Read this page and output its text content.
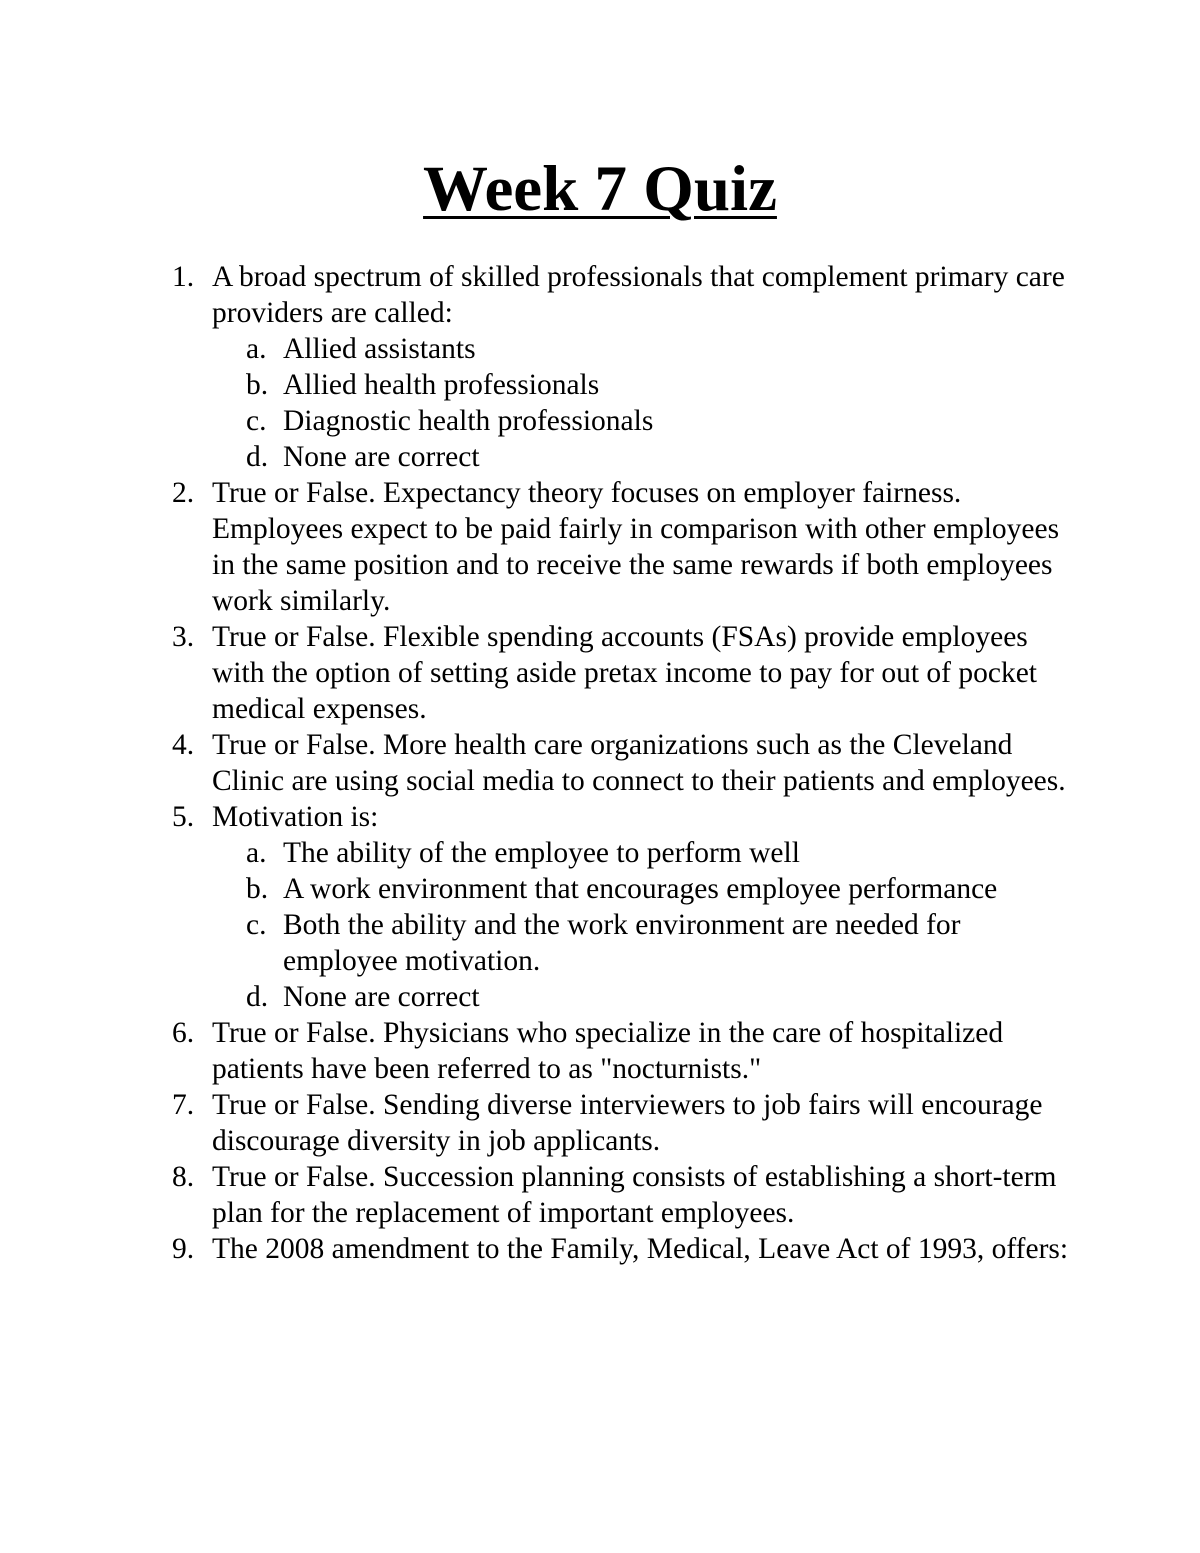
Week 7 Quiz
1. A broad spectrum of skilled professionals that complement primary care providers are called:
a. Allied assistants
b. Allied health professionals
c. Diagnostic health professionals
d. None are correct
2. True or False. Expectancy theory focuses on employer fairness. Employees expect to be paid fairly in comparison with other employees in the same position and to receive the same rewards if both employees work similarly.
3. True or False. Flexible spending accounts (FSAs) provide employees with the option of setting aside pretax income to pay for out of pocket medical expenses.
4. True or False. More health care organizations such as the Cleveland Clinic are using social media to connect to their patients and employees.
5. Motivation is:
a. The ability of the employee to perform well
b. A work environment that encourages employee performance
c. Both the ability and the work environment are needed for employee motivation.
d. None are correct
6. True or False. Physicians who specialize in the care of hospitalized patients have been referred to as "nocturnists."
7. True or False. Sending diverse interviewers to job fairs will encourage discourage diversity in job applicants.
8. True or False. Succession planning consists of establishing a short-term plan for the replacement of important employees.
9. The 2008 amendment to the Family, Medical, Leave Act of 1993, offers:
